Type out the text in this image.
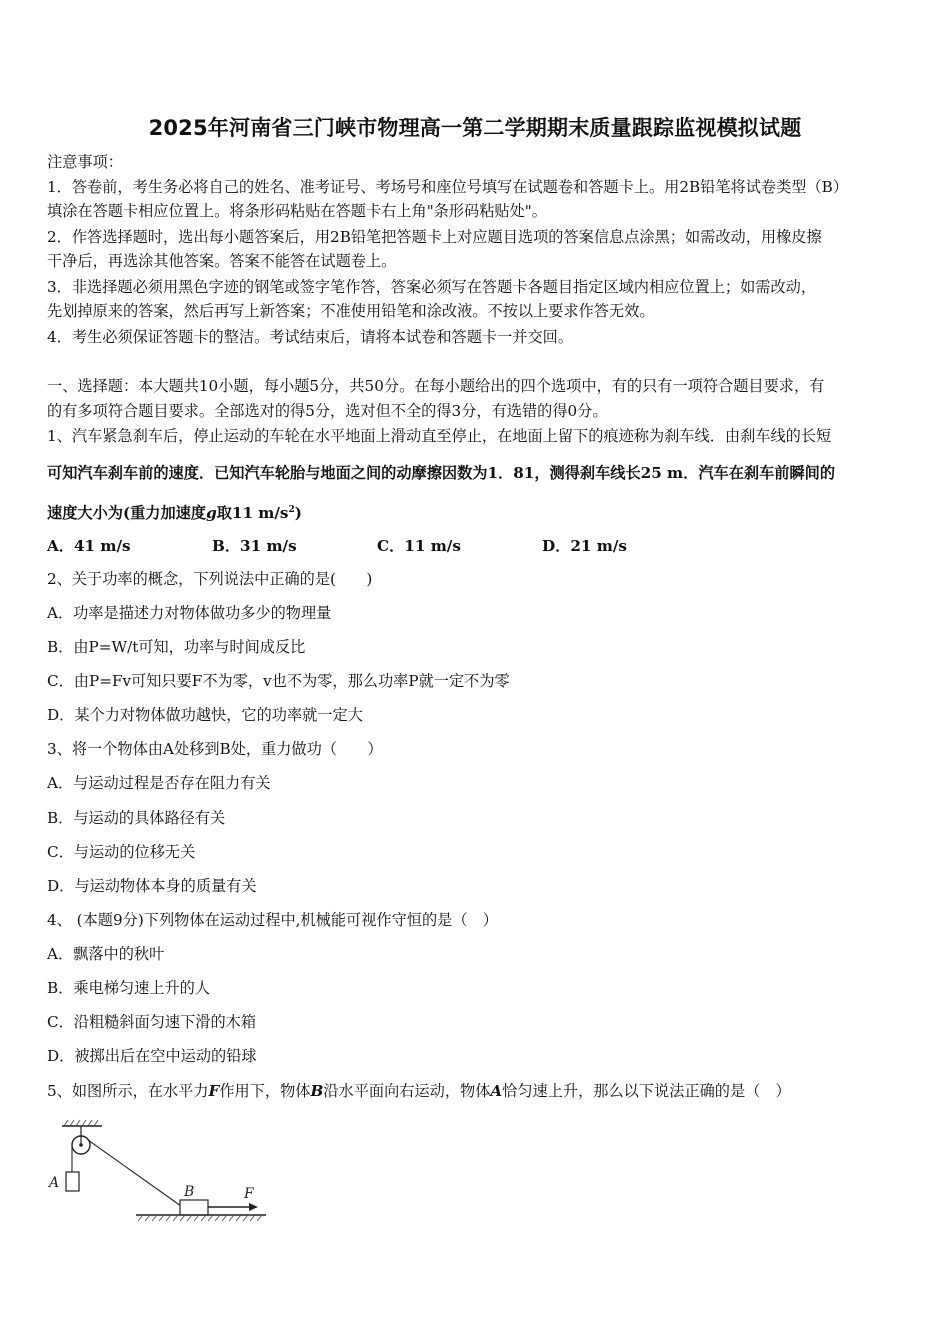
2025年河南省三门峡市物理高一第二学期期末质量跟踪监视模拟试题
注意事项：
1．答卷前，考生务必将自己的姓名、准考证号、考场号和座位号填写在试题卷和答题卡上。用2B铅笔将试卷类型（B）
填涂在答题卡相应位置上。将条形码粘贴在答题卡右上角"条形码粘贴处"。
2．作答选择题时，选出每小题答案后，用2B铅笔把答题卡上对应题目选项的答案信息点涂黑；如需改动，用橡皮擦
干净后，再选涂其他答案。答案不能答在试题卷上。
3．非选择题必须用黑色字迹的钢笔或签字笔作答，答案必须写在答题卡各题目指定区域内相应位置上；如需改动，
先划掉原来的答案，然后再写上新答案；不准使用铅笔和涂改液。不按以上要求作答无效。
4．考生必须保证答题卡的整洁。考试结束后，请将本试卷和答题卡一并交回。
一、选择题：本大题共10小题，每小题5分，共50分。在每小题给出的四个选项中，有的只有一项符合题目要求，有
的有多项符合题目要求。全部选对的得5分，选对但不全的得3分，有选错的得0分。
1、汽车紧急刹车后，停止运动的车轮在水平地面上滑动直至停止，在地面上留下的痕迹称为刹车线．由刹车线的长短
可知汽车刹车前的速度．已知汽车轮胎与地面之间的动摩擦因数为1．81，测得刹车线长25 m．汽车在刹车前瞬间的
速度大小为(重力加速度g取11 $m/s^2$)
A．41 m/s	B．31 m/s	C．11 m/s	D．21 m/s
2、关于功率的概念，下列说法中正确的是(　　)
A．功率是描述力对物体做功多少的物理量
B．由P=W/t可知，功率与时间成反比
C．由P=Fv可知只要F不为零，v也不为零，那么功率P就一定不为零
D．某个力对物体做功越快，它的功率就一定大
3、将一个物体由A处移到B处，重力做功（　　）
A．与运动过程是否存在阻力有关
B．与运动的具体路径有关
C．与运动的位移无关
D．与运动物体本身的质量有关
4、 (本题9分)下列物体在运动过程中,机械能可视作守恒的是（　）
A．飘落中的秋叶
B．乘电梯匀速上升的人
C．沿粗糙斜面匀速下滑的木箱
D．被掷出后在空中运动的铅球
5、如图所示，在水平力F作用下，物体B沿水平面向右运动，物体A恰匀速上升，那么以下说法正确的是（　）
A
B	F
